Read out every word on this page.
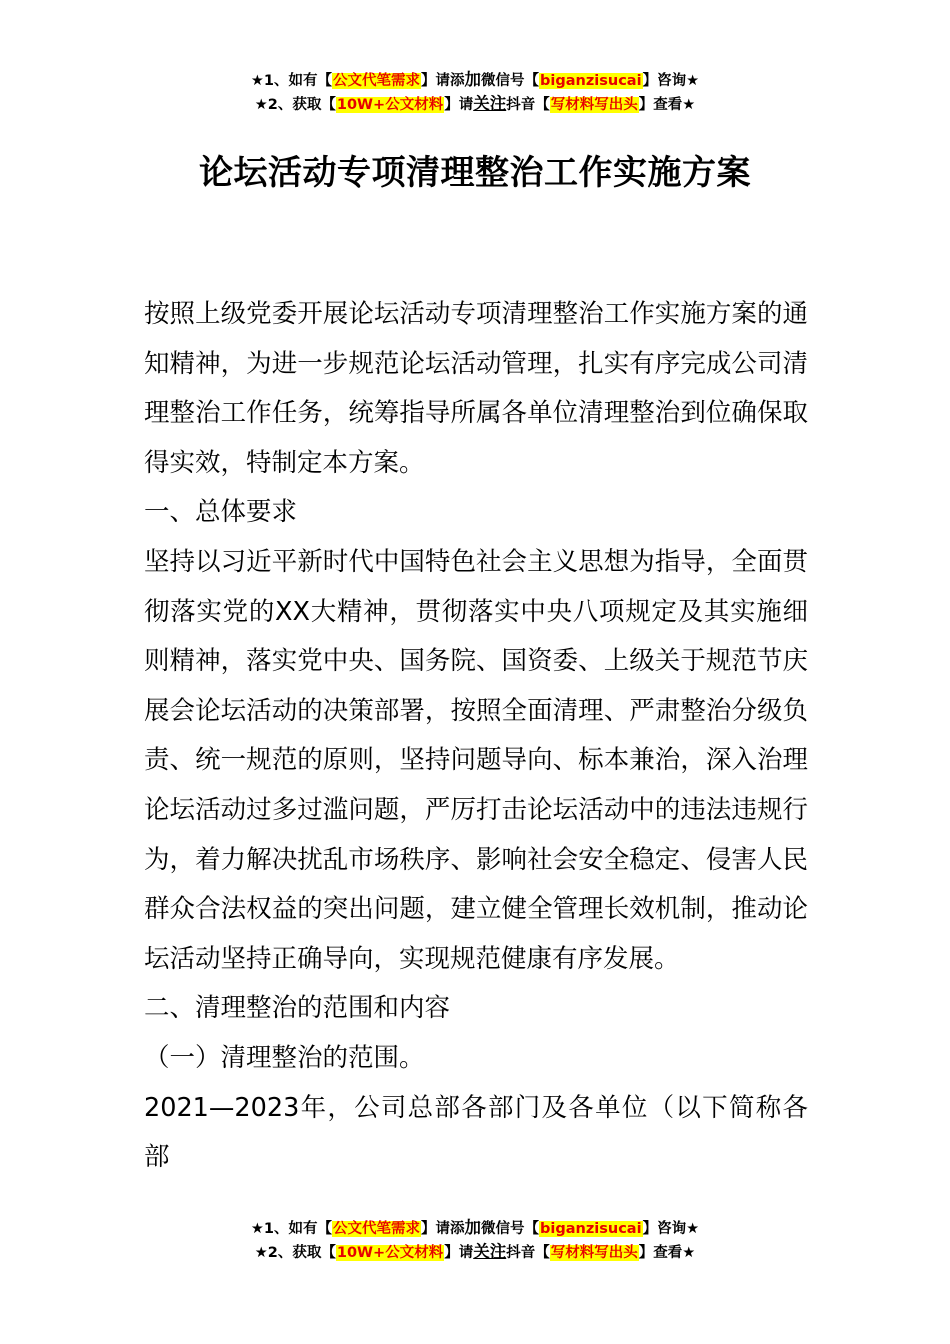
★1、如有【公文代笔需求】请添加微信号【biganzisucai】咨询★
★2、获取【10W+公文材料】请关注抖音【写材料写出头】查看★
论坛活动专项清理整治工作实施方案

按照上级党委开展论坛活动专项清理整治工作实施方案的通知精神，为进一步规范论坛活动管理，扎实有序完成公司清理整治工作任务，统筹指导所属各单位清理整治到位确保取得实效，特制定本方案。

一、总体要求

坚持以习近平新时代中国特色社会主义思想为指导，全面贯彻落实党的XX大精神，贯彻落实中央八项规定及其实施细则精神，落实党中央、国务院、国资委、上级关于规范节庆展会论坛活动的决策部署，按照全面清理、严肃整治分级负责、统一规范的原则，坚持问题导向、标本兼治，深入治理论坛活动过多过滥问题，严厉打击论坛活动中的违法违规行为，着力解决扰乱市场秩序、影响社会安全稳定、侵害人民群众合法权益的突出问题，建立健全管理长效机制，推动论坛活动坚持正确导向，实现规范健康有序发展。

二、清理整治的范围和内容

（一）清理整治的范围。

2021—2023年，公司总部各部门及各单位（以下简称各部

★1、如有【公文代笔需求】请添加微信号【biganzisucai】咨询★
★2、获取【10W+公文材料】请关注抖音【写材料写出头】查看★
